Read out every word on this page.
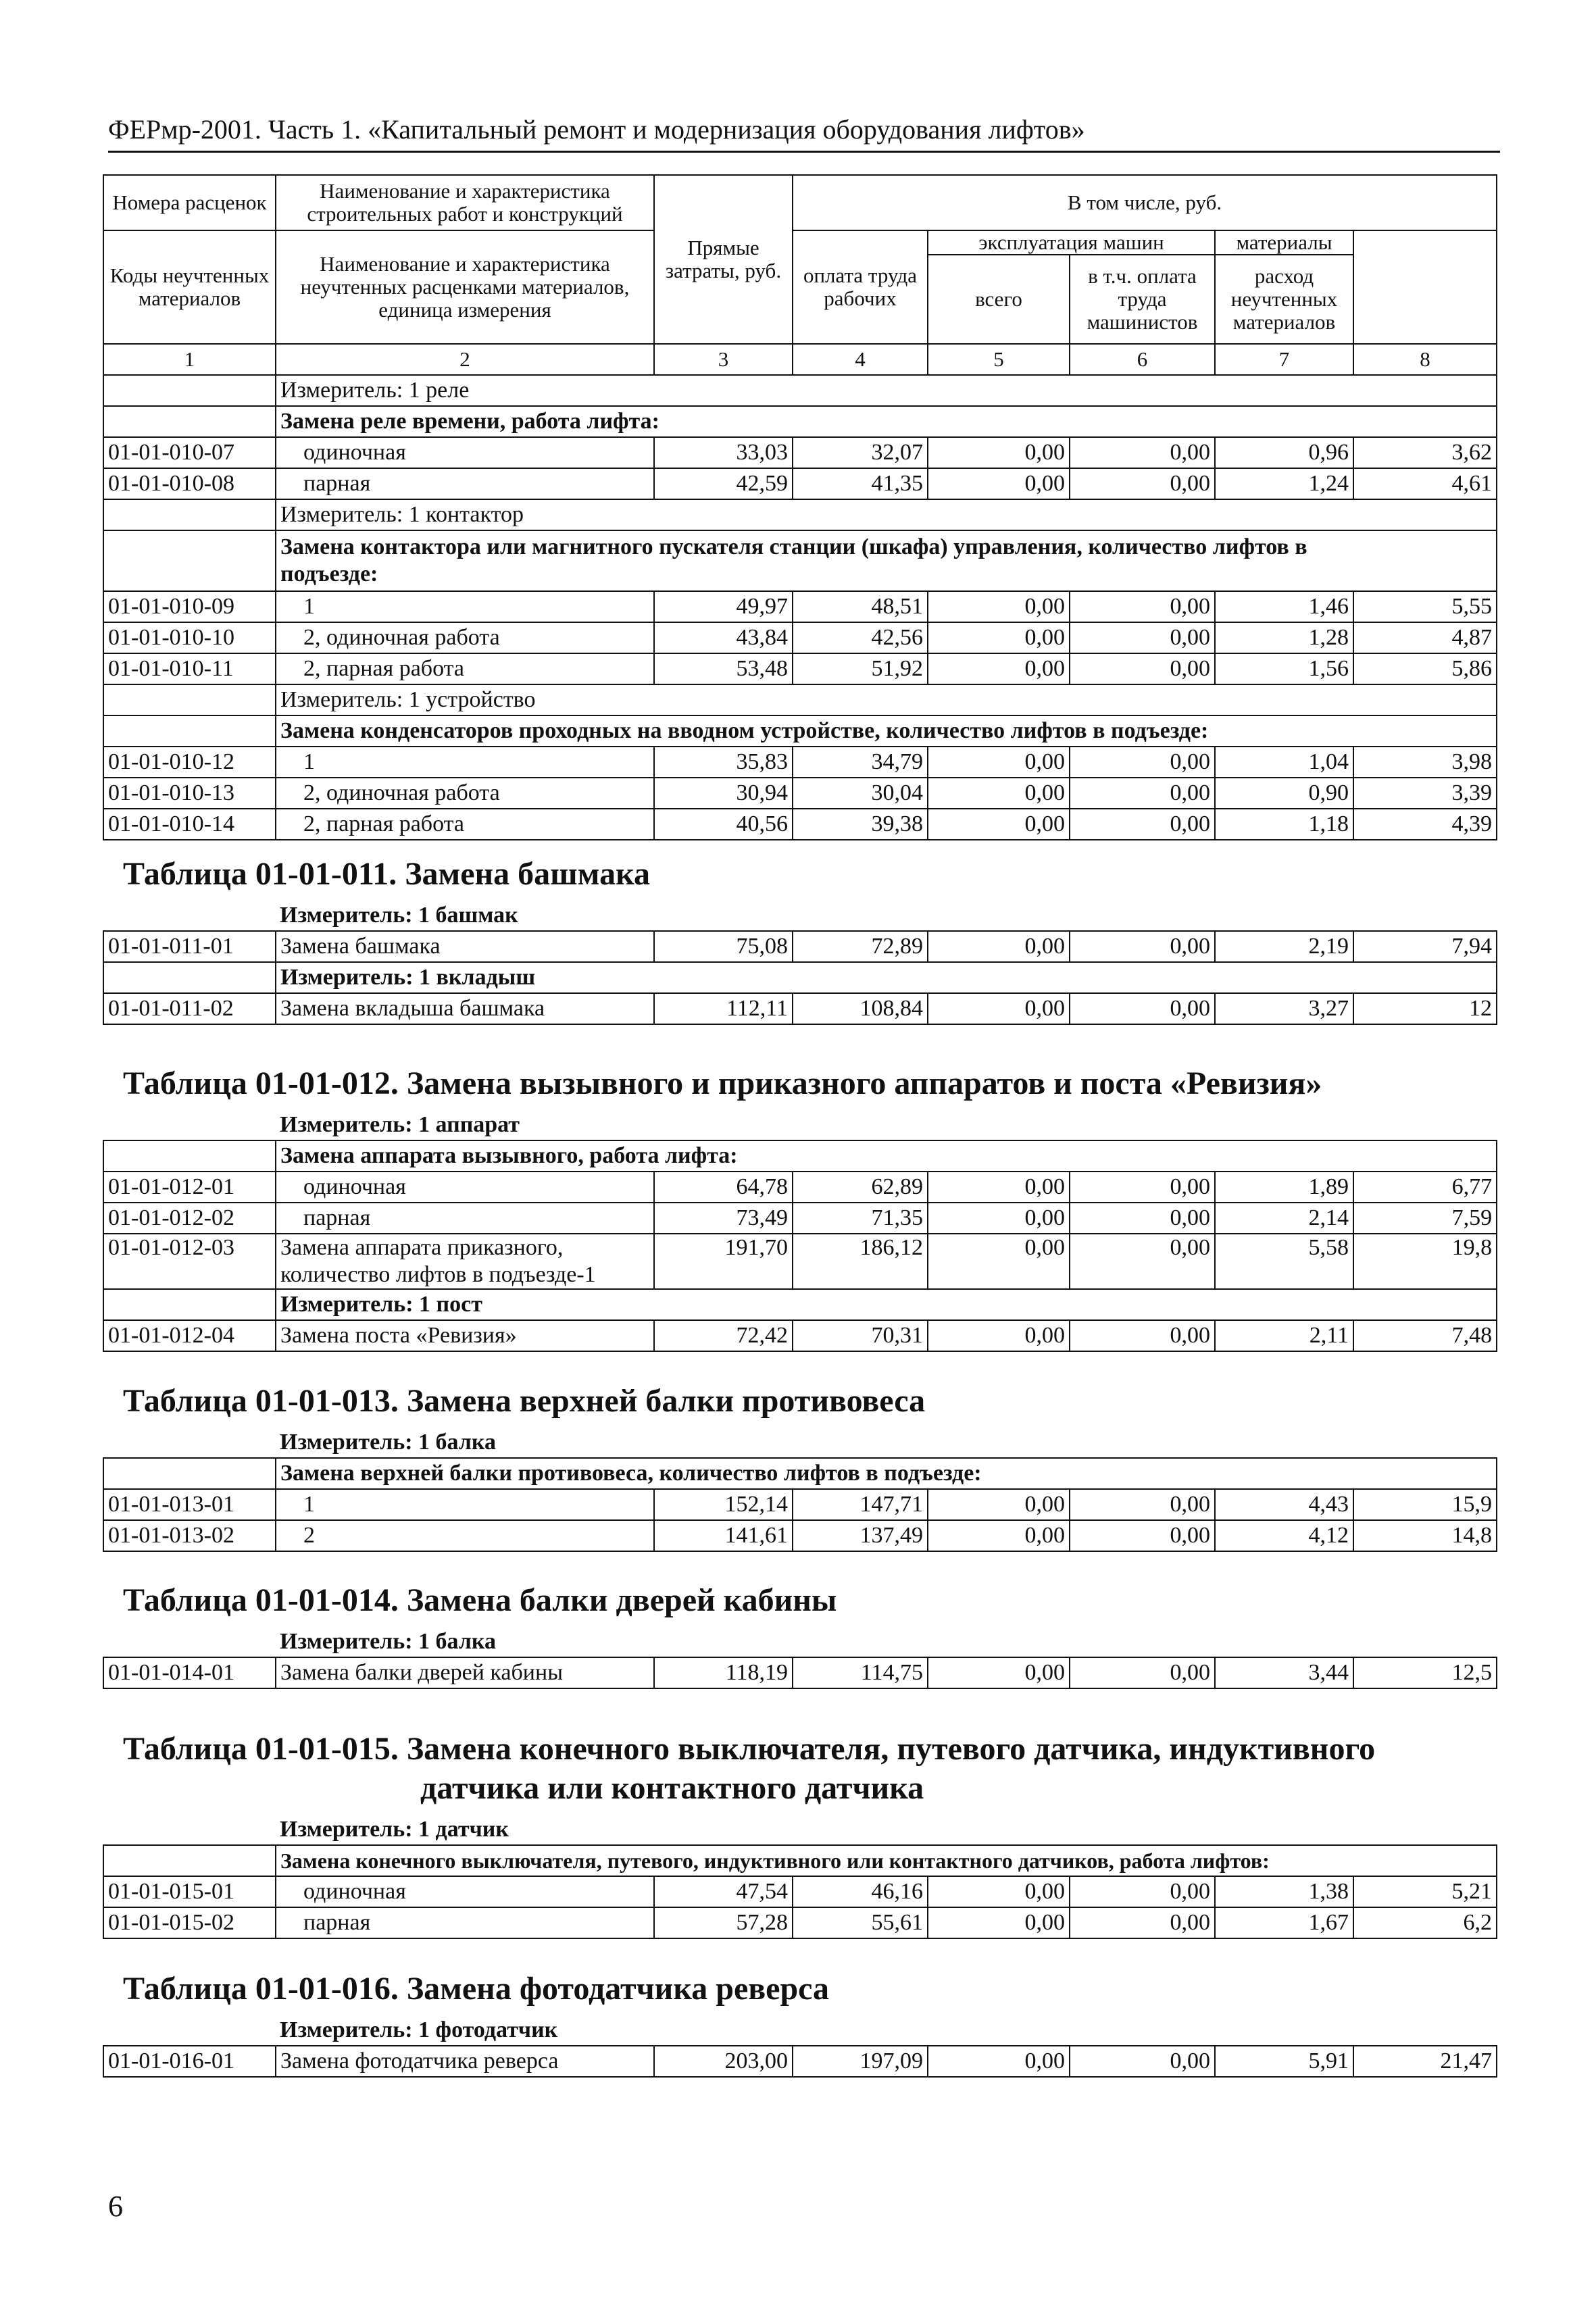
ФЕРмр-2001. Часть 1. «Капитальный ремонт и модернизация оборудования лифтов»
Номера расценок	Наименование и характеристика строительных работ и конструкций	Прямые затраты, руб.	В том числе, руб.	
Коды неучтенных материалов	Наименование и характеристика неучтенных расценками материалов, единица измерения		оплата труда рабочих	эксплуатация машин		материалы		
				всего	в т.ч. оплата труда машинистов	расход неучтенных материалов		
1	2	3	4	5	6	7	8	
	Измеритель: 1 реле							
	Замена реле времени, работа лифта:							
01-01-010-07	одиночная	33,03	32,07	0,00	0,00	0,96	3,62	
01-01-010-08	парная	42,59	41,35	0,00	0,00	1,24	4,61	
	Измеритель: 1 контактор							

	Замена контактора или магнитного пускателя станции (шкафа) управления, количество лифтов в
подъезде:							

01-01-010-09	1	49,97	48,51	0,00	0,00	1,46	5,55	
01-01-010-10	2, одиночная работа	43,84	42,56	0,00	0,00	1,28	4,87	
01-01-010-11	2, парная работа	53,48	51,92	0,00	0,00	1,56	5,86	
	Измеритель: 1 устройство							
	Замена конденсаторов проходных на вводном устройстве, количество лифтов в подъезде:							
01-01-010-12	1	35,83	34,79	0,00	0,00	1,04	3,98	
01-01-010-13	2, одиночная работа	30,94	30,04	0,00	0,00	0,90	3,39	
01-01-010-14	2, парная работа	40,56	39,38	0,00	0,00	1,18	4,39	
Таблица 01-01-011. Замена башмака
	Измеритель: 1 башмак						
01-01-011-01	Замена башмака	75,08	72,89	0,00	0,00	2,19	7,94
	Измеритель: 1 вкладыш						
01-01-011-02	Замена вкладыша башмака	112,11	108,84	0,00	0,00	3,27	12
Таблица 01-01-012. Замена вызывного и приказного аппаратов и поста «Ревизия»
	Измеритель: 1 аппарат						
	Замена аппарата вызывного, работа лифта:						
01-01-012-01	одиночная	64,78	62,89	0,00	0,00	1,89	6,77
01-01-012-02	парная	73,49	71,35	0,00	0,00	2,14	7,59
01-01-012-03	Замена аппарата приказного,
количество лифтов в подъезде-1	191,70	186,12	0,00	0,00	5,58	19,8
	Измеритель: 1 пост						
01-01-012-04	Замена поста «Ревизия»	72,42	70,31	0,00	0,00	2,11	7,48
Таблица 01-01-013. Замена верхней балки противовеса
	Измеритель: 1 балка						
	Замена верхней балки противовеса, количество лифтов в подъезде:						
01-01-013-01	1	152,14	147,71	0,00	0,00	4,43	15,9
01-01-013-02	2	141,61	137,49	0,00	0,00	4,12	14,8
Таблица 01-01-014. Замена балки дверей кабины
	Измеритель: 1 балка						
01-01-014-01	Замена балки дверей кабины	118,19	114,75	0,00	0,00	3,44	12,5
Таблица 01-01-015. Замена конечного выключателя, путевого датчика, индуктивного
датчика или контактного датчика
	Измеритель: 1 датчик						
	Замена конечного выключателя, путевого, индуктивного или контактного датчиков, работа лифтов:						
01-01-015-01	одиночная	47,54	46,16	0,00	0,00	1,38	5,21
01-01-015-02	парная	57,28	55,61	0,00	0,00	1,67	6,2
Таблица 01-01-016. Замена фотодатчика реверса
	Измеритель: 1 фотодатчик						
01-01-016-01	Замена фотодатчика реверса	203,00	197,09	0,00	0,00	5,91	21,47
6
